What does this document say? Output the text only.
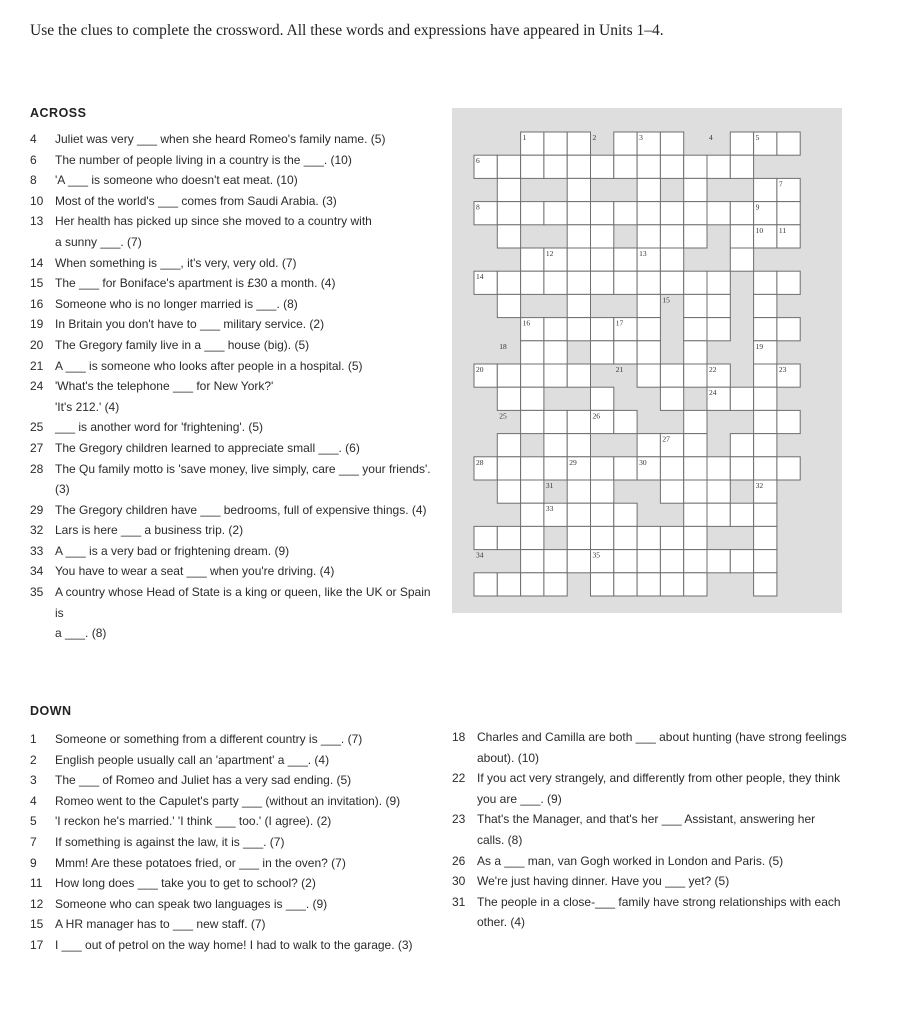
Use the clues to complete the crossword. All these words and expressions have appeared in Units 1–4.
ACROSS
4	Juliet was very ___ when she heard Romeo's family name. (5)
6	The number of people living in a country is the ___. (10)
8	'A ___ is someone who doesn't eat meat. (10)
10 Most of the world's ___ comes from Saudi Arabia. (3)
13 Her health has picked up since she moved to a country with
a sunny ___. (7)
14 When something is ___, it's very, very old. (7)
15 The ___ for Boniface's apartment is £30 a month. (4)
16 Someone who is no longer married is ___. (8)
19 In Britain you don't have to ___ military service. (2)
20 The Gregory family live in a ___ house (big). (5)
21 A ___ is someone who looks after people in a hospital. (5)
24 'What's the telephone ___ for New York?'
'It's 212.' (4)
25 ___ is another word for 'frightening'. (5)
27 The Gregory children learned to appreciate small ___. (6)
28 The Qu family motto is 'save money, live simply, care ___ your friends'.
(3)
29 The Gregory children have ___ bedrooms, full of expensive things. (4)
32 Lars is here ___ a business trip. (2)
33 A ___ is a very bad or frightening dream. (9)
34 You have to wear a seat ___ when you're driving. (4)
35 A country whose Head of State is a king or queen, like the UK or Spain is
a ___. (8)
1	2	3	4	5
6
7
8	9
10 11
12	13
14
15
16	17
18	19
20	21	22	23
24
25	26
27
28	29	30
31	32
33
34	35
DOWN
1	Someone or something from a different country is ___. (7)
2	English people usually call an 'apartment' a ___. (4)
3	The ___ of Romeo and Juliet has a very sad ending. (5)
4	Romeo went to the Capulet's party ___ (without an invitation). (9)
5	'I reckon he's married.' 'I think ___ too.' (I agree). (2)
7	If something is against the law, it is ___. (7)
9	Mmm! Are these potatoes fried, or ___ in the oven? (7)
11	How long does ___ take you to get to school? (2)
12 Someone who can speak two languages is ___. (9)
15 A HR manager has to ___ new staff. (7)
17 I ___ out of petrol on the way home! I had to walk to the garage. (3)
18 Charles and Camilla are both ___ about hunting (have strong feelings
about). (10)
22 If you act very strangely, and differently from other people, they think
you are ___. (9)
23 That's the Manager, and that's her ___ Assistant, answering her
calls. (8)
26 As a ___ man, van Gogh worked in London and Paris. (5)
30 We're just having dinner. Have you ___ yet? (5)
31 The people in a close-___ family have strong relationships with each
other. (4)
